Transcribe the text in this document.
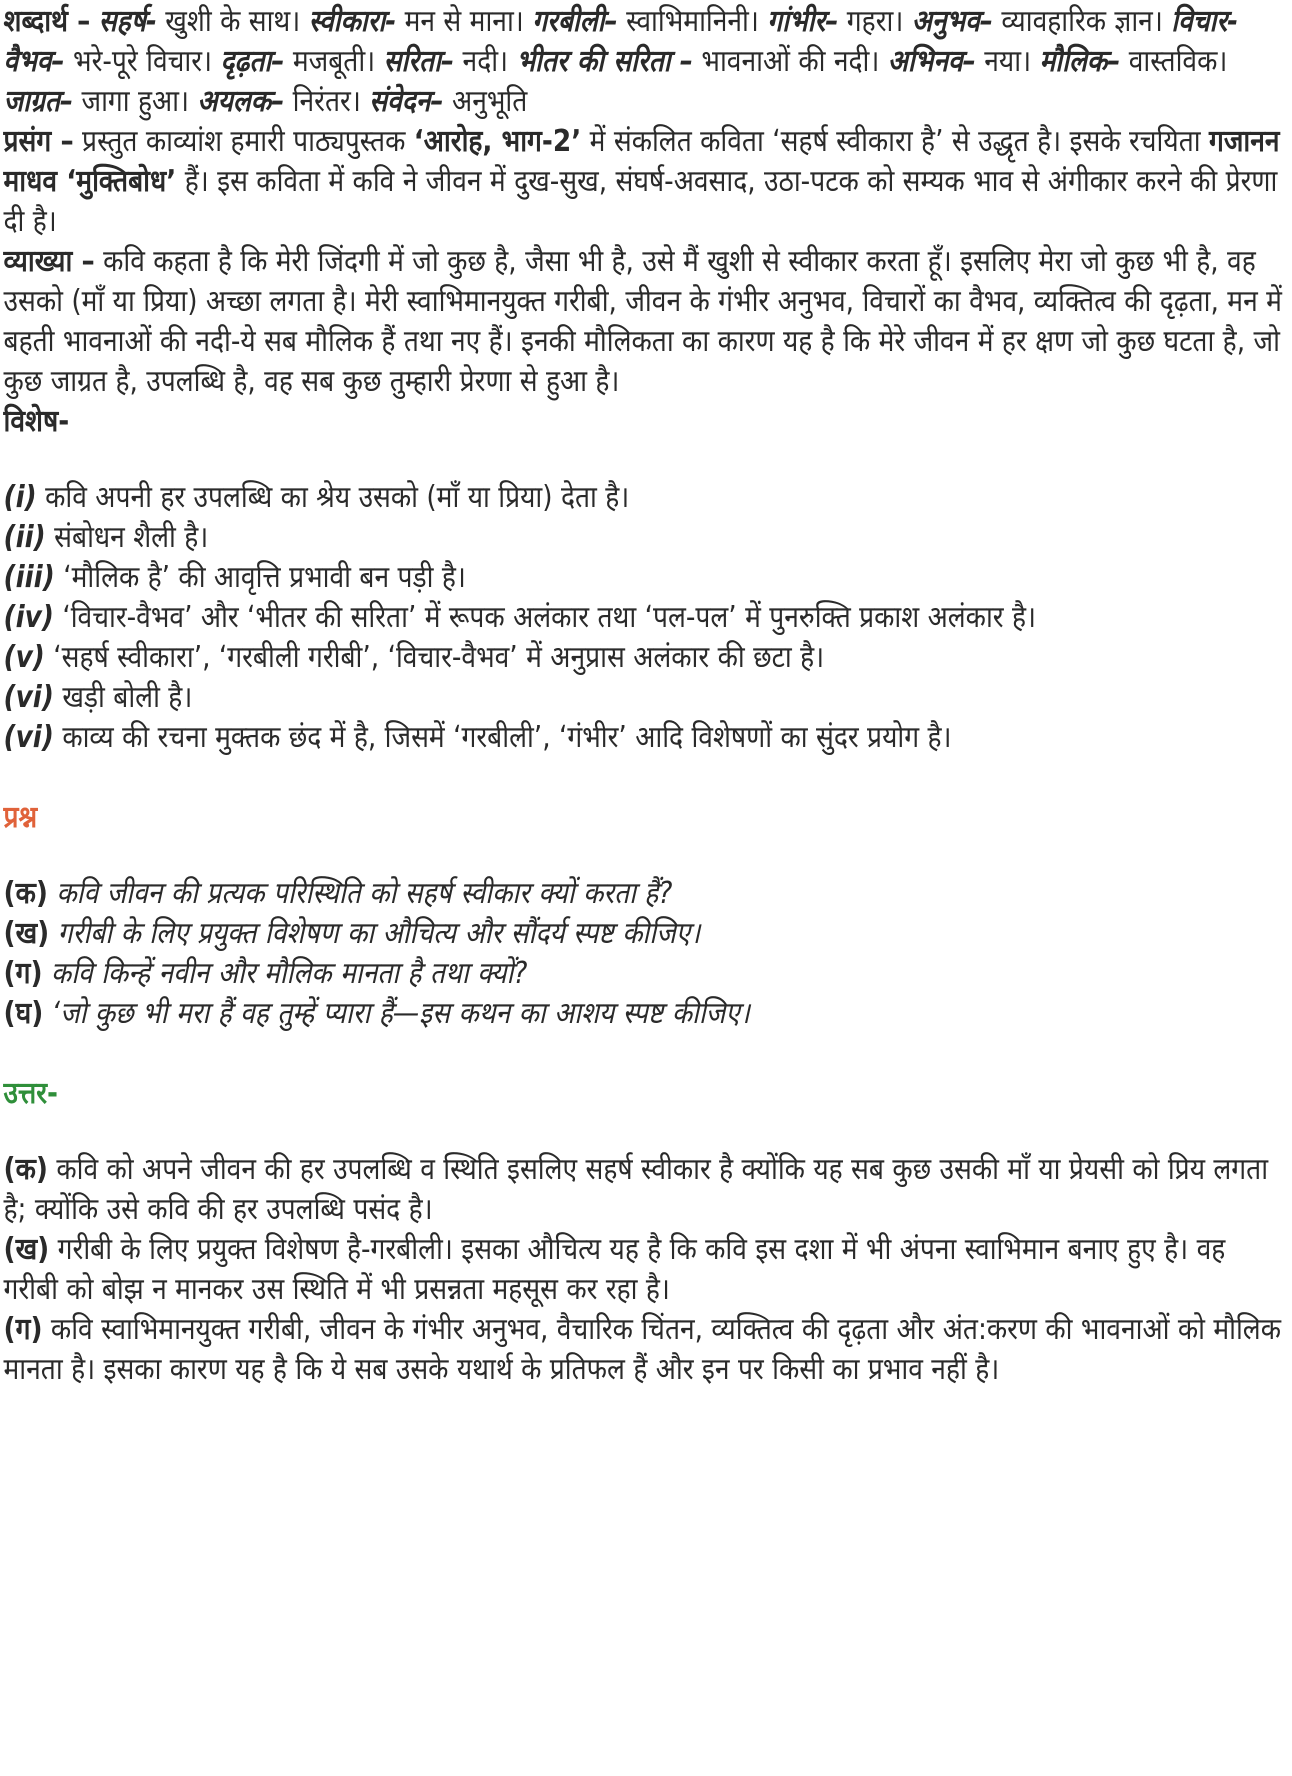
शब्दार्थ – सहर्ष- खुशी के साथ। स्वीकारा- मन से माना। गरबीली– स्वाभिमानिनी। गांभीर– गहरा। अनुभव– व्यावहारिक ज्ञान। विचार-वैभव– भरे-पूरे विचार। दृढ़ता– मजबूती। सरिता– नदी। भीतर की सरिता – भावनाओं की नदी। अभिनव– नया। मौलिक– वास्तविक। जाग्रत– जागा हुआ। अयलक– निरंतर। संवेदन– अनुभूति

प्रसंग – प्रस्तुत काव्यांश हमारी पाठ्यपुस्तक ‘आरोह, भाग-2’ में संकलित कविता ‘सहर्ष स्वीकारा है’ से उद्धृत है। इसके रचयिता गजानन माधव ‘मुक्तिबोध’ हैं। इस कविता में कवि ने जीवन में दुख-सुख, संघर्ष-अवसाद, उठा-पटक को सम्यक भाव से अंगीकार करने की प्रेरणा दी है।

व्याख्या – कवि कहता है कि मेरी जिंदगी में जो कुछ है, जैसा भी है, उसे मैं खुशी से स्वीकार करता हूँ। इसलिए मेरा जो कुछ भी है, वह उसको (माँ या प्रिया) अच्छा लगता है। मेरी स्वाभिमानयुक्त गरीबी, जीवन के गंभीर अनुभव, विचारों का वैभव, व्यक्तित्व की दृढ़ता, मन में बहती भावनाओं की नदी-ये सब मौलिक हैं तथा नए हैं। इनकी मौलिकता का कारण यह है कि मेरे जीवन में हर क्षण जो कुछ घटता है, जो कुछ जाग्रत है, उपलब्धि है, वह सब कुछ तुम्हारी प्रेरणा से हुआ है।

विशेष-

(i) कवि अपनी हर उपलब्धि का श्रेय उसको (माँ या प्रिया) देता है।

(ii) संबोधन शैली है।

(iii) ‘मौलिक है’ की आवृत्ति प्रभावी बन पड़ी है।

(iv) ‘विचार-वैभव’ और ‘भीतर की सरिता’ में रूपक अलंकार तथा ‘पल-पल’ में पुनरुक्ति प्रकाश अलंकार है।

(v) ‘सहर्ष स्वीकारा’, ‘गरबीली गरीबी’, ‘विचार-वैभव’ में अनुप्रास अलंकार की छटा है।

(vi) खड़ी बोली है।

(vi) काव्य की रचना मुक्तक छंद में है, जिसमें ‘गरबीली’, ‘गंभीर’ आदि विशेषणों का सुंदर प्रयोग है।

प्रश्न

(क) कवि जीवन की प्रत्यक परिस्थिति को सहर्ष स्वीकार क्यों करता हैं?

(ख) गरीबी के लिए प्रयुक्त विशेषण का औचित्य और सौंदर्य स्पष्ट कीजिए।

(ग) कवि किन्हें नवीन और मौलिक मानता है तथा क्यों?

(घ) ‘जो कुछ भी मरा हैं वह तुम्हें प्यारा हैं—इस कथन का आशय स्पष्ट कीजिए।

उत्तर-

(क) कवि को अपने जीवन की हर उपलब्धि व स्थिति इसलिए सहर्ष स्वीकार है क्योंकि यह सब कुछ उसकी माँ या प्रेयसी को प्रिय लगता है; क्योंकि उसे कवि की हर उपलब्धि पसंद है।

(ख) गरीबी के लिए प्रयुक्त विशेषण है-गरबीली। इसका औचित्य यह है कि कवि इस दशा में भी अंपना स्वाभिमान बनाए हुए है। वह गरीबी को बोझ न मानकर उस स्थिति में भी प्रसन्नता महसूस कर रहा है।

(ग) कवि स्वाभिमानयुक्त गरीबी, जीवन के गंभीर अनुभव, वैचारिक चिंतन, व्यक्तित्व की दृढ़ता और अंत:करण की भावनाओं को मौलिक मानता है। इसका कारण यह है कि ये सब उसके यथार्थ के प्रतिफल हैं और इन पर किसी का प्रभाव नहीं है।
